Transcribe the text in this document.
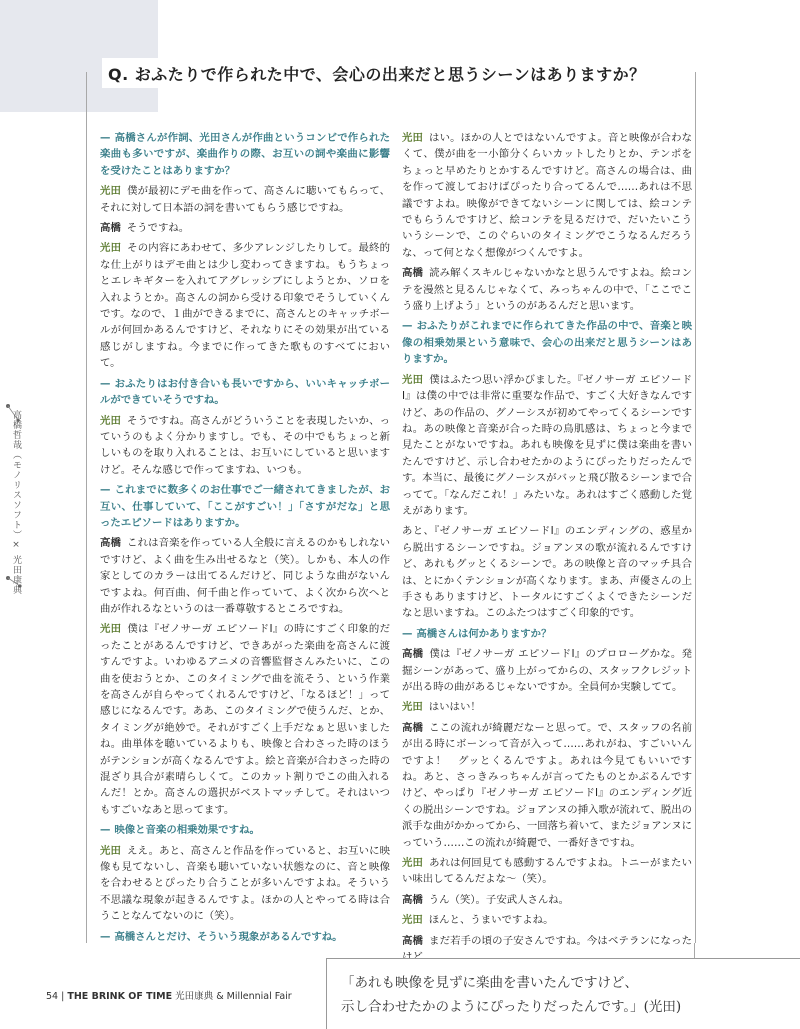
Q. おふたりで作られた中で、会心の出来だと思うシーンはありますか？

— 高橋さんが作詞、光田さんが作曲というコンビで作られた楽曲も多いですが、楽曲作りの際、お互いの詞や楽曲に影響を受けたことはありますか？

光田 僕が最初にデモ曲を作って、高さんに聴いてもらって、それに対して日本語の詞を書いてもらう感じですね。

高橋 そうですね。

光田 その内容にあわせて、多少アレンジしたりして。最終的な仕上がりはデモ曲とは少し変わってきますね。もうちょっとエレキギターを入れてアグレッシブにしようとか、ソロを入れようとか。高さんの詞から受ける印象でそうしていくんです。なので、１曲ができるまでに、高さんとのキャッチボールが何回かあるんですけど、それなりにその効果が出ている感じがしますね。今までに作ってきた歌ものすべてにおいて。

— おふたりはお付き合いも長いですから、いいキャッチボールができていそうですね。

光田 そうですね。高さんがどういうことを表現したいか、っていうのもよく分かりますし。でも、その中でもちょっと新しいものを取り入れることは、お互いにしていると思いますけど。そんな感じで作ってますね、いつも。

— これまでに数多くのお仕事でご一緒されてきましたが、お互い、仕事していて、「ここがすごい！」「さすがだな」と思ったエピソードはありますか。

高橋 これは音楽を作っている人全般に言えるのかもしれないですけど、よく曲を生み出せるなと（笑）。しかも、本人の作家としてのカラーは出てるんだけど、同じような曲がないんですよね。何百曲、何千曲と作っていて、よく次から次へと曲が作れるなというのは一番尊敬するところですね。

光田 僕は『ゼノサーガ エピソードⅠ』の時にすごく印象的だったことがあるんですけど、できあがった楽曲を高さんに渡すんですよ。いわゆるアニメの音響監督さんみたいに、この曲を使おうとか、このタイミングで曲を流そう、という作業を高さんが自らやってくれるんですけど、「なるほど！」って感じになるんです。ああ、このタイミングで使うんだ、とか、タイミングが絶妙で。それがすごく上手だなぁと思いましたね。曲単体を聴いているよりも、映像と合わさった時のほうがテンションが高くなるんですよ。絵と音楽が合わさった時の混ざり具合が素晴らしくて。このカット割りでこの曲入れるんだ！とか。高さんの選択がベストマッチして。それはいつもすごいなあと思ってます。

— 映像と音楽の相乗効果ですね。

光田 ええ。あと、高さんと作品を作っていると、お互いに映像も見てないし、音楽も聴いていない状態なのに、音と映像を合わせるとぴったり合うことが多いんですよね。そういう不思議な現象が起きるんですよ。ほかの人とやってる時は合うことなんてないのに（笑）。

— 高橋さんとだけ、そういう現象があるんですね。

光田 はい。ほかの人とではないんですよ。音と映像が合わなくて、僕が曲を一小節分くらいカットしたりとか、テンポをちょっと早めたりとかするんですけど。高さんの場合は、曲を作って渡しておけばぴったり合ってるんで……あれは不思議ですよね。映像ができてないシーンに関しては、絵コンテでもらうんですけど、絵コンテを見るだけで、だいたいこういうシーンで、このぐらいのタイミングでこうなるんだろうな、って何となく想像がつくんですよ。

高橋 読み解くスキルじゃないかなと思うんですよね。絵コンテを漫然と見るんじゃなくて、みっちゃんの中で、「ここでこう盛り上げよう」というのがあるんだと思います。

— おふたりがこれまでに作られてきた作品の中で、音楽と映像の相乗効果という意味で、会心の出来だと思うシーンはありますか。

光田 僕はふたつ思い浮かびました。『ゼノサーガ エピソードⅠ』は僕の中では非常に重要な作品で、すごく大好きなんですけど、あの作品の、グノーシスが初めてやってくるシーンですね。あの映像と音楽が合った時の鳥肌感は、ちょっと今まで見たことがないですね。あれも映像を見ずに僕は楽曲を書いたんですけど、示し合わせたかのようにぴったりだったんです。本当に、最後にグノーシスがバッと飛び散るシーンまで合ってて。「なんだこれ！」みたいな。あれはすごく感動した覚えがあります。

あと、『ゼノサーガ エピソードⅠ』のエンディングの、惑星から脱出するシーンですね。ジョアンヌの歌が流れるんですけど、あれもグッとくるシーンで。あの映像と音のマッチ具合は、とにかくテンションが高くなります。まあ、声優さんの上手さもありますけど、トータルにすごくよくできたシーンだなと思いますね。このふたつはすごく印象的です。

— 高橋さんは何かありますか？

高橋 僕は『ゼノサーガ エピソードⅠ』のプロローグかな。発掘シーンがあって、盛り上がってからの、スタッフクレジットが出る時の曲があるじゃないですか。全員何か実験してて。

光田 はいはい！

高橋 ここの流れが綺麗だなーと思って。で、スタッフの名前が出る時にボーンって音が入って……あれがね、すごいいんですよ！　グッとくるんですよ。あれは今見てもいいですね。あと、さっきみっちゃんが言ってたものとかぶるんですけど、やっぱり『ゼノサーガ エピソードⅠ』のエンディング近くの脱出シーンですね。ジョアンヌの挿入歌が流れて、脱出の派手な曲がかかってから、一回落ち着いて、またジョアンヌにっていう……この流れが綺麗で、一番好きですね。

光田 あれは何回見ても感動するんですよね。トニーがまたいい味出してるんだよな～（笑）。

高橋 うん（笑）。子安武人さんね。

光田 ほんと、うまいですよね。

高橋 まだ若手の頃の子安さんですね。今はベテランになった

高橋哲哉（モノリスソフト）× 光田康典
54 | THE BRINK OF TIME 光田康典 & Millennial Fair
「あれも映像を見ずに楽曲を書いたんですけど、
示し合わせたかのようにぴったりだったんです。」(光田)
